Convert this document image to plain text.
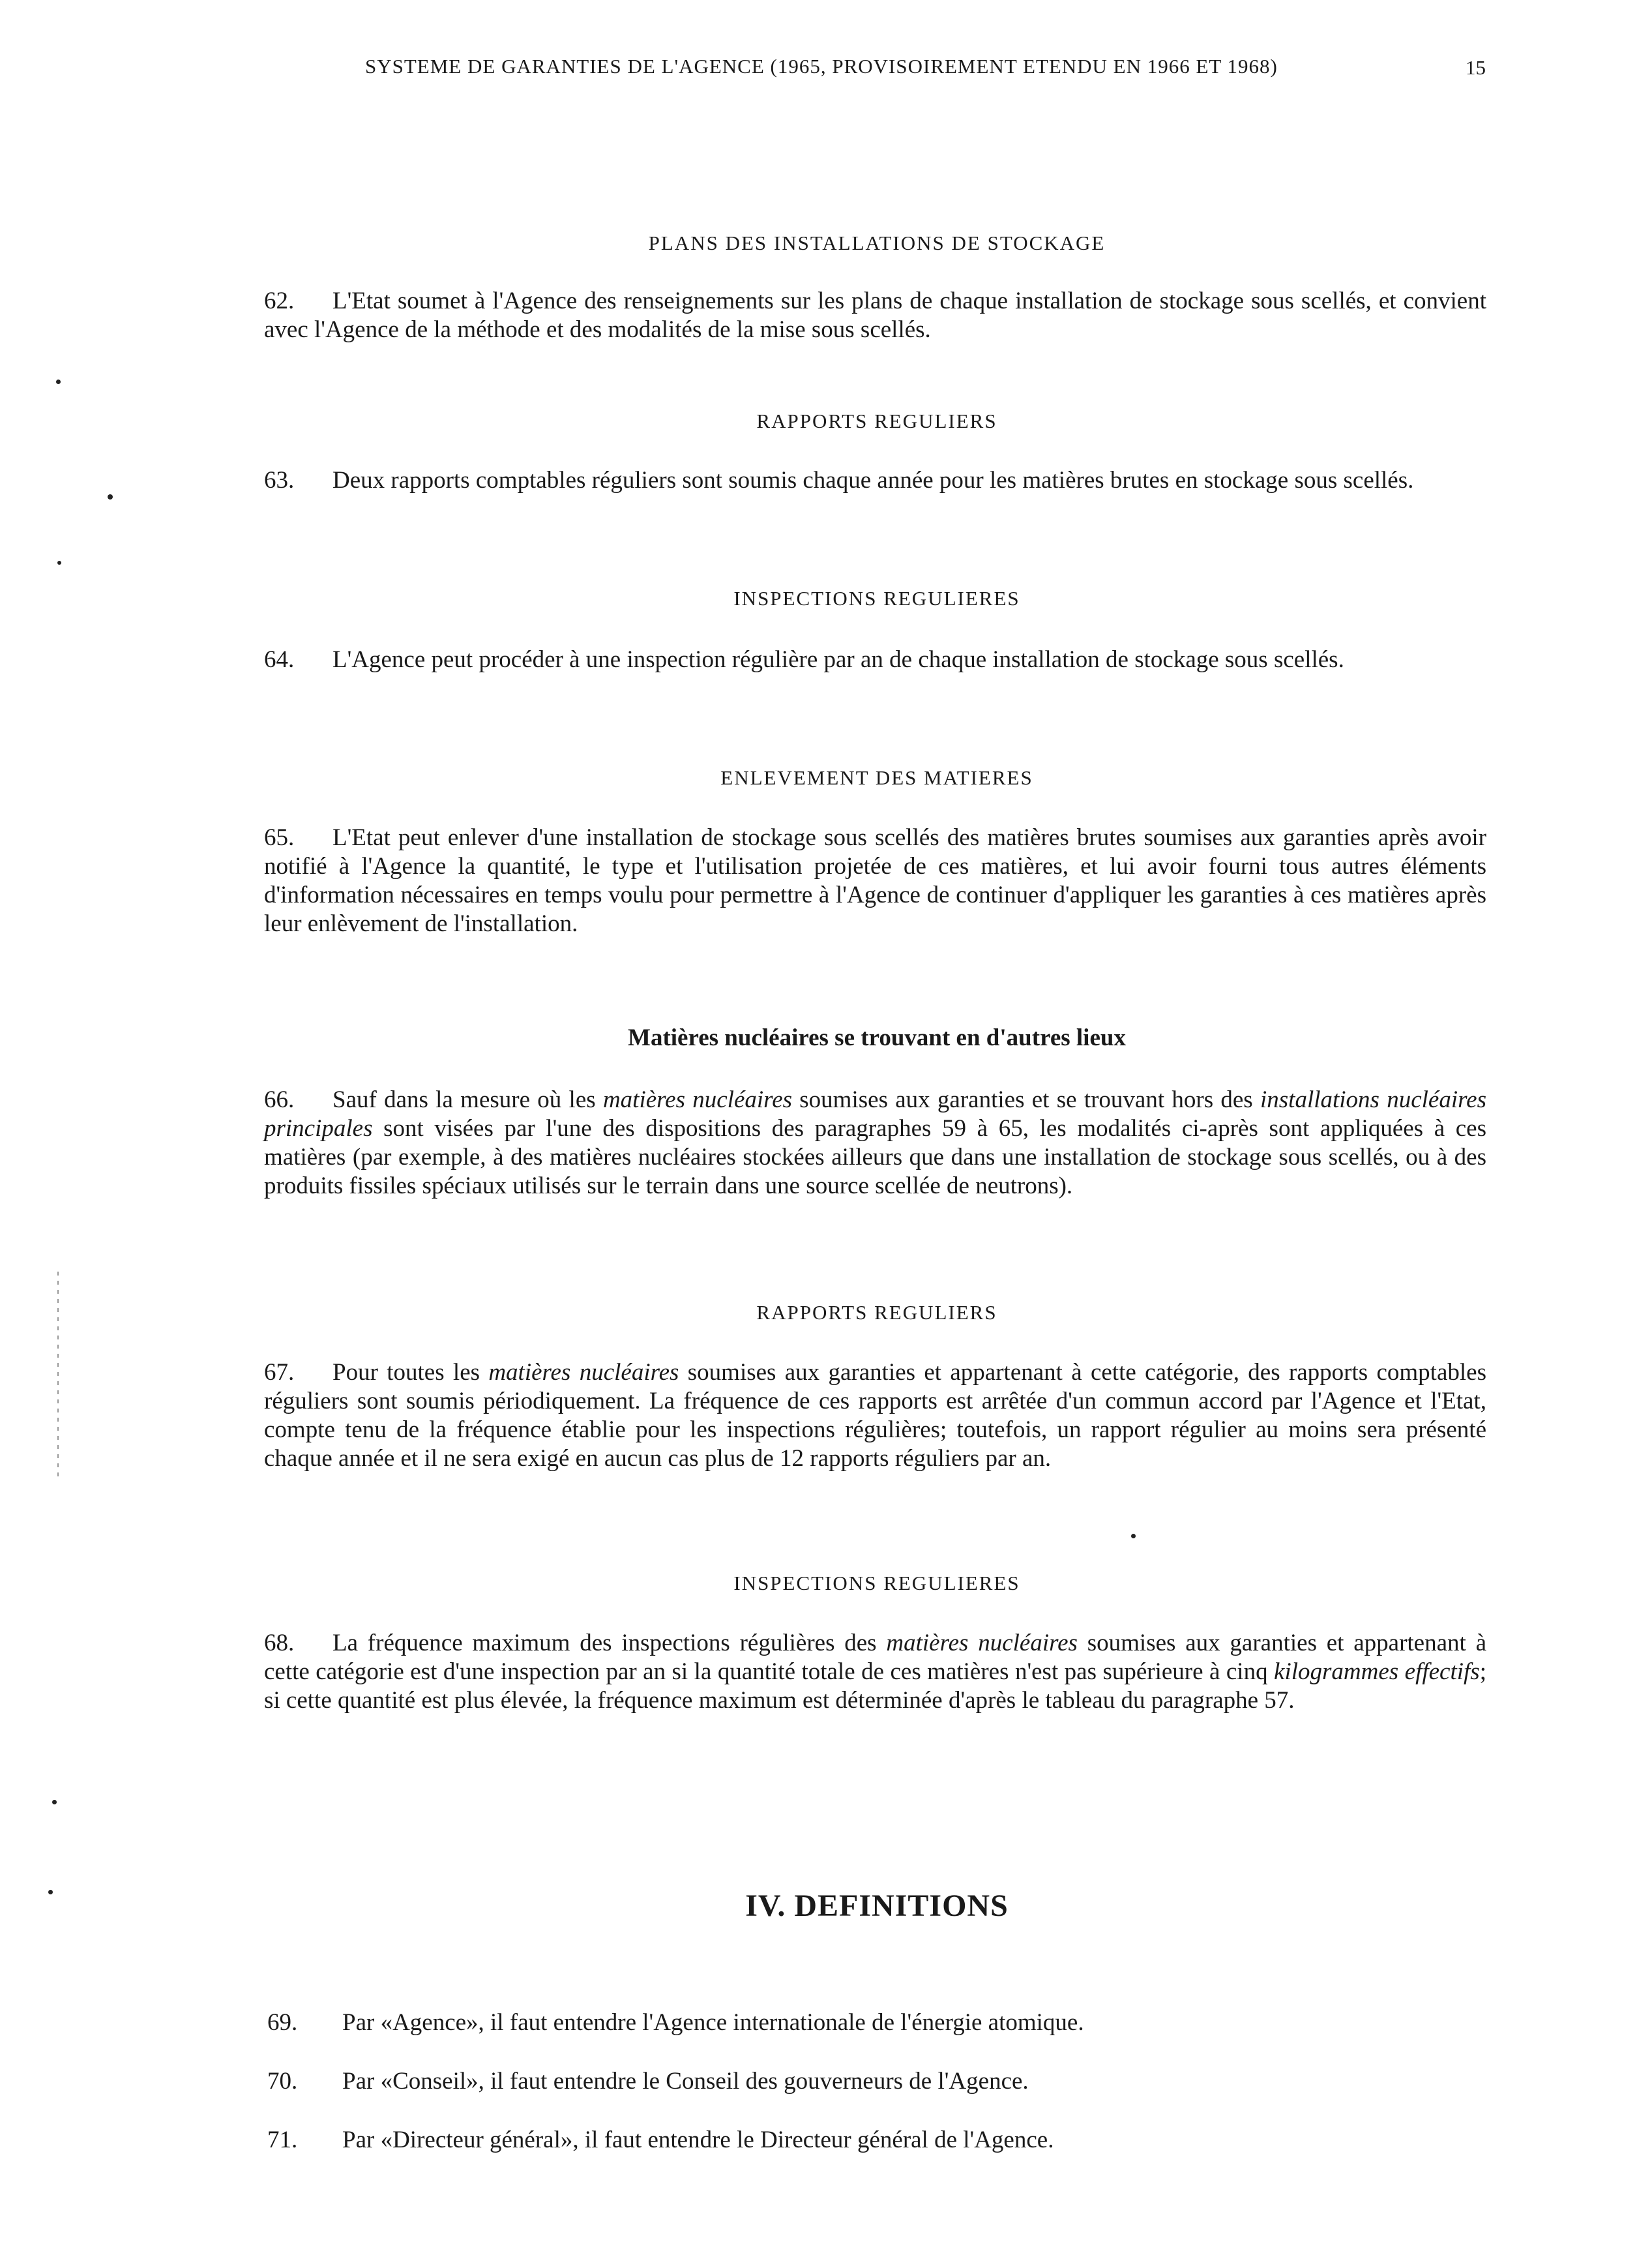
SYSTEME DE GARANTIES DE L'AGENCE (1965, PROVISOIREMENT ETENDU EN 1966 ET 1968)	15
PLANS DES INSTALLATIONS DE STOCKAGE
62. L'Etat soumet à l'Agence des renseignements sur les plans de chaque installation de stockage sous scellés, et convient avec l'Agence de la méthode et des modalités de la mise sous scellés.
RAPPORTS REGULIERS
63. Deux rapports comptables réguliers sont soumis chaque année pour les matières brutes en stockage sous scellés.
INSPECTIONS REGULIERES
64. L'Agence peut procéder à une inspection régulière par an de chaque installation de stockage sous scellés.
ENLEVEMENT DES MATIERES
65. L'Etat peut enlever d'une installation de stockage sous scellés des matières brutes soumises aux garanties après avoir notifié à l'Agence la quantité, le type et l'utilisation projetée de ces matières, et lui avoir fourni tous autres éléments d'information nécessaires en temps voulu pour permettre à l'Agence de continuer d'appliquer les garanties à ces matières après leur enlèvement de l'installation.
Matières nucléaires se trouvant en d'autres lieux
66. Sauf dans la mesure où les matières nucléaires soumises aux garanties et se trouvant hors des installations nucléaires principales sont visées par l'une des dispositions des paragraphes 59 à 65, les modalités ci-après sont appliquées à ces matières (par exemple, à des matières nucléaires stockées ailleurs que dans une installation de stockage sous scellés, ou à des produits fissiles spéciaux utilisés sur le terrain dans une source scellée de neutrons).
RAPPORTS REGULIERS
67. Pour toutes les matières nucléaires soumises aux garanties et appartenant à cette catégorie, des rapports comptables réguliers sont soumis périodiquement. La fréquence de ces rapports est arrêtée d'un commun accord par l'Agence et l'Etat, compte tenu de la fréquence établie pour les inspections régulières; toutefois, un rapport régulier au moins sera présenté chaque année et il ne sera exigé en aucun cas plus de 12 rapports réguliers par an.
INSPECTIONS REGULIERES
68. La fréquence maximum des inspections régulières des matières nucléaires soumises aux garanties et appartenant à cette catégorie est d'une inspection par an si la quantité totale de ces matières n'est pas supérieure à cinq kilogrammes effectifs; si cette quantité est plus élevée, la fréquence maximum est déterminée d'après le tableau du paragraphe 57.
IV. DEFINITIONS
69. Par «Agence», il faut entendre l'Agence internationale de l'énergie atomique.
70. Par «Conseil», il faut entendre le Conseil des gouverneurs de l'Agence.
71. Par «Directeur général», il faut entendre le Directeur général de l'Agence.
